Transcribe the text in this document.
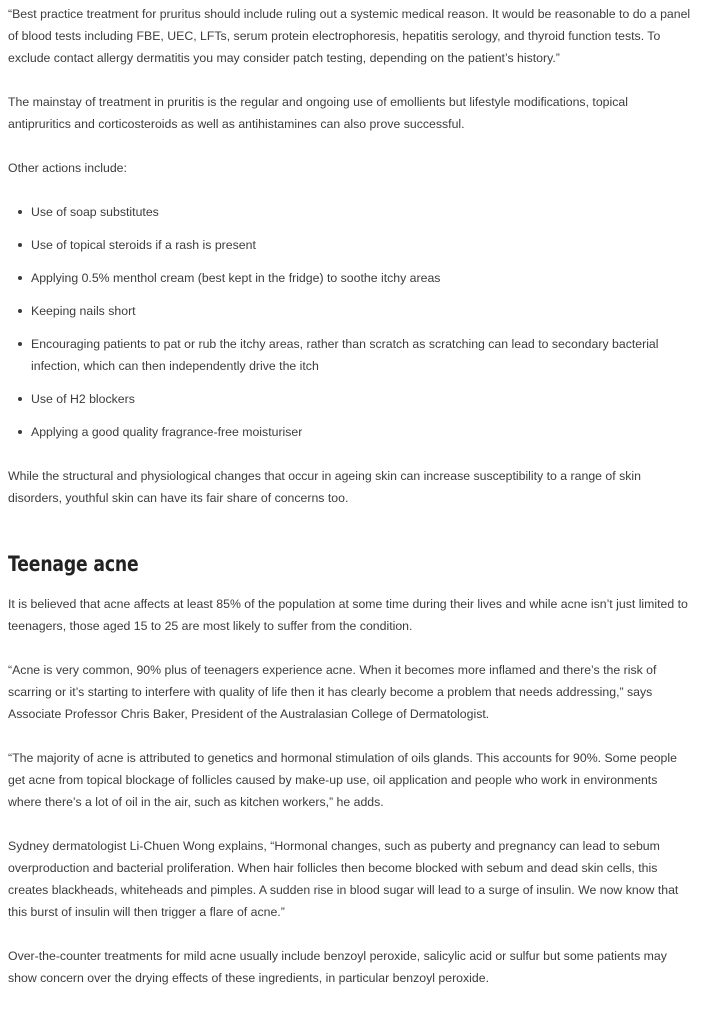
“Best practice treatment for pruritus should include ruling out a systemic medical reason. It would be reasonable to do a panel of blood tests including FBE, UEC, LFTs, serum protein electrophoresis, hepatitis serology, and thyroid function tests. To exclude contact allergy dermatitis you may consider patch testing, depending on the patient’s history.”

The mainstay of treatment in pruritis is the regular and ongoing use of emollients but lifestyle modifications, topical antipruritics and corticosteroids as well as antihistamines can also prove successful.

Other actions include:

Use of soap substitutes
Use of topical steroids if a rash is present
Applying 0.5% menthol cream (best kept in the fridge) to soothe itchy areas
Keeping nails short
Encouraging patients to pat or rub the itchy areas, rather than scratch as scratching can lead to secondary bacterial infection, which can then independently drive the itch
Use of H2 blockers
Applying a good quality fragrance-free moisturiser

While the structural and physiological changes that occur in ageing skin can increase susceptibility to a range of skin disorders, youthful skin can have its fair share of concerns too.

Teenage acne

It is believed that acne affects at least 85% of the population at some time during their lives and while acne isn’t just limited to teenagers, those aged 15 to 25 are most likely to suffer from the condition.

“Acne is very common, 90% plus of teenagers experience acne. When it becomes more inflamed and there’s the risk of scarring or it’s starting to interfere with quality of life then it has clearly become a problem that needs addressing,” says Associate Professor Chris Baker, President of the Australasian College of Dermatologist.

“The majority of acne is attributed to genetics and hormonal stimulation of oils glands. This accounts for 90%. Some people get acne from topical blockage of follicles caused by make-up use, oil application and people who work in environments where there’s a lot of oil in the air, such as kitchen workers,” he adds.

Sydney dermatologist Li-Chuen Wong explains, “Hormonal changes, such as puberty and pregnancy can lead to sebum overproduction and bacterial proliferation. When hair follicles then become blocked with sebum and dead skin cells, this creates blackheads, whiteheads and pimples. A sudden rise in blood sugar will lead to a surge of insulin. We now know that this burst of insulin will then trigger a flare of acne.”

Over-the-counter treatments for mild acne usually include benzoyl peroxide, salicylic acid or sulfur but some patients may show concern over the drying effects of these ingredients, in particular benzoyl peroxide.
